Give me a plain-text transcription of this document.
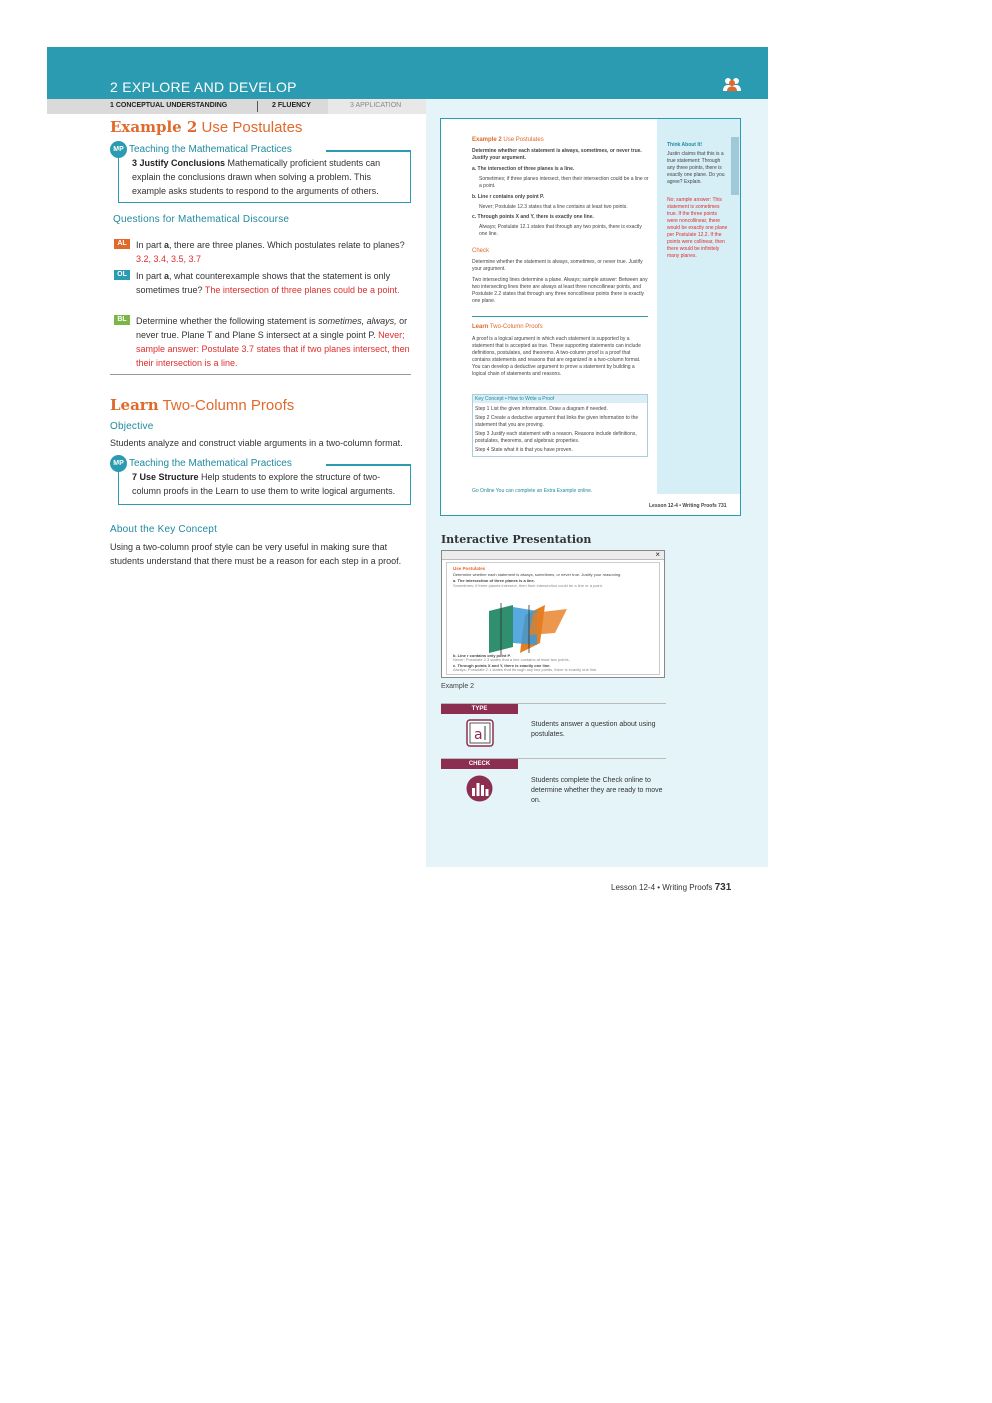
2 EXPLORE AND DEVELOP
1 CONCEPTUAL UNDERSTANDING	2 FLUENCY	3 APPLICATION
Example 2 Use Postulates
MP Teaching the Mathematical Practices
3 Justify Conclusions Mathematically proficient students can explain the conclusions drawn when solving a problem. This example asks students to respond to the arguments of others.
Questions for Mathematical Discourse
AL	In part a, there are three planes. Which postulates relate to planes? 3.2, 3.4, 3.5, 3.7
OL	In part a, what counterexample shows that the statement is only sometimes true? The intersection of three planes could be a point.
BL	Determine whether the following statement is sometimes, always, or never true. Plane T and Plane S intersect at a single point P. Never; sample answer: Postulate 3.7 states that if two planes intersect, then their intersection is a line.
Learn Two-Column Proofs
Objective
Students analyze and construct viable arguments in a two-column format.
MP Teaching the Mathematical Practices
7 Use Structure Help students to explore the structure of two-column proofs in the Learn to use them to write logical arguments.
About the Key Concept
Using a two-column proof style can be very useful in making sure that students understand that there must be a reason for each step in a proof.
Example 2 Use Postulates
Determine whether each statement is always, sometimes, or never true. Justify your argument.
a. The intersection of three planes is a line.
Sometimes; if three planes intersect, then their intersection could be a line or a point.
b. Line r contains only point P.
Never; Postulate 12.3 states that a line contains at least two points.
c. Through points X and Y, there is exactly one line.
Always; Postulate 12.1 states that through any two points, there is exactly one line.
Check
Determine whether the statement is always, sometimes, or never true. Justify your argument.
Two intersecting lines determine a plane. Always; sample answer: Between any two intersecting lines there are always at least three noncollinear points, and Postulate 2.2 states that through any three noncollinear points there is exactly one plane.
Learn Two-Column Proofs
A proof is a logical argument in which each statement is supported by a statement that is accepted as true. These supporting statements can include definitions, postulates, and theorems. A two-column proof is a proof that contains statements and reasons that are organized in a two-column format. You can develop a deductive argument to prove a statement by building a logical chain of statements and reasons.
Key Concept • How to Write a Proof
Step 1 List the given information. Draw a diagram if needed.
Step 2 Create a deductive argument that links the given information to the statement that you are proving.
Step 3 Justify each statement with a reason. Reasons include definitions, postulates, theorems, and algebraic properties.
Step 4 State what it is that you have proven.
Go Online You can complete an Extra Example online.
Lesson 12-4 • Writing Proofs 731
Think About It!
Justin claims that this is a true statement: Through any three points, there is exactly one plane. Do you agree? Explain.
No; sample answer: This statement is sometimes true. If the three points were noncollinear, there would be exactly one plane per Postulate 12.2. If the points were collinear, then there would be infinitely many planes.
Interactive Presentation
×
Use Postulates
Determine whether each statement is always, sometimes, or never true. Justify your reasoning.
a. The intersection of three planes is a line.
Sometimes; if three planes intersect, then their intersection could be a line or a point.
b. Line r contains only point P.
Never; Postulate 2.3 states that a line contains at least two points.
c. Through points X and Y, there is exactly one line.
Always; Postulate 2.1 states that through any two points, there is exactly one line.
Example 2
TYPE
a
Students answer a question about using postulates.
CHECK
Students complete the Check online to determine whether they are ready to move on.
Lesson 12-4 • Writing Proofs 731
